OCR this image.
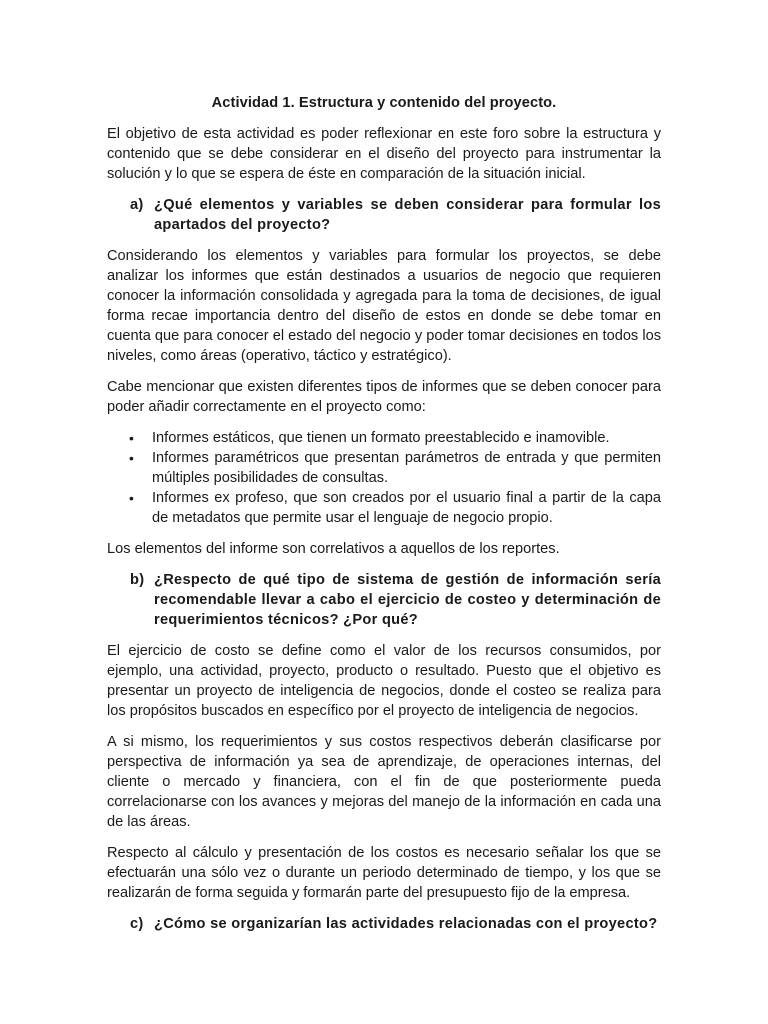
Actividad 1. Estructura y contenido del proyecto.

El objetivo de esta actividad es poder reflexionar en este foro sobre la estructura y contenido que se debe considerar en el diseño del proyecto para instrumentar la solución y lo que se espera de éste en comparación de la situación inicial.

a) ¿Qué elementos y variables se deben considerar para formular los apartados del proyecto?

Considerando los elementos y variables para formular los proyectos, se debe analizar los informes que están destinados a usuarios de negocio que requieren conocer la información consolidada y agregada para la toma de decisiones, de igual forma recae importancia dentro del diseño de estos en donde se debe tomar en cuenta que para conocer el estado del negocio y poder tomar decisiones en todos los niveles, como áreas (operativo, táctico y estratégico).

Cabe mencionar que existen diferentes tipos de informes que se deben conocer para poder añadir correctamente en el proyecto como:

•	Informes estáticos, que tienen un formato preestablecido e inamovible.
•	Informes paramétricos que presentan parámetros de entrada y que permiten múltiples posibilidades de consultas.
•	Informes ex profeso, que son creados por el usuario final a partir de la capa de metadatos que permite usar el lenguaje de negocio propio.

Los elementos del informe son correlativos a aquellos de los reportes.

b) ¿Respecto de qué tipo de sistema de gestión de información sería recomendable llevar a cabo el ejercicio de costeo y determinación de requerimientos técnicos? ¿Por qué?

El ejercicio de costo se define como el valor de los recursos consumidos, por ejemplo, una actividad, proyecto, producto o resultado. Puesto que el objetivo es presentar un proyecto de inteligencia de negocios, donde el costeo se realiza para los propósitos buscados en específico por el proyecto de inteligencia de negocios.

A si mismo, los requerimientos y sus costos respectivos deberán clasificarse por perspectiva de información ya sea de aprendizaje, de operaciones internas, del cliente o mercado y financiera, con el fin de que posteriormente pueda correlacionarse con los avances y mejoras del manejo de la información en cada una de las áreas.

Respecto al cálculo y presentación de los costos es necesario señalar los que se efectuarán una sólo vez o durante un periodo determinado de tiempo, y los que se realizarán de forma seguida y formarán parte del presupuesto fijo de la empresa.

c) ¿Cómo se organizarían las actividades relacionadas con el proyecto?
